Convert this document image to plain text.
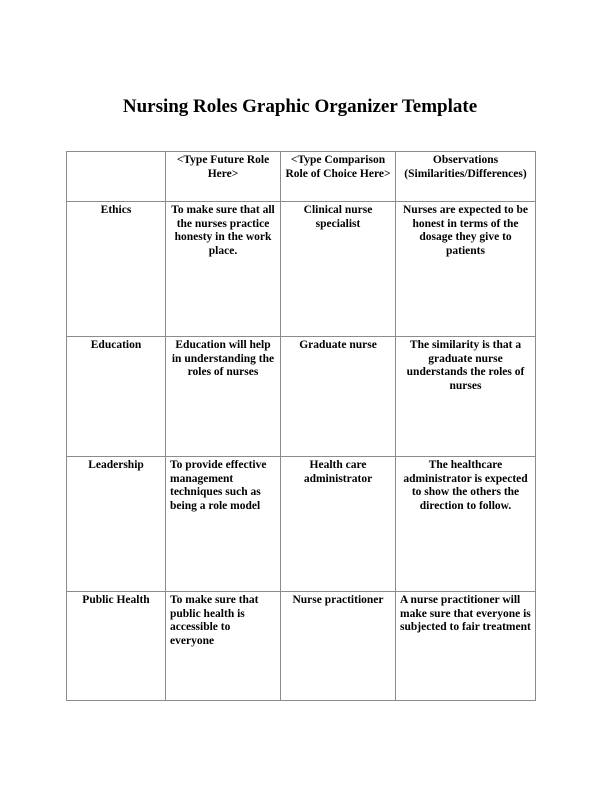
Nursing Roles Graphic Organizer Template
	<Type Future Role Here>	<Type Comparison Role of Choice Here>	Observations (Similarities/Differences)
Ethics	To make sure that all the nurses practice honesty in the work place.	Clinical nurse specialist	Nurses are expected to be honest in terms of the dosage they give to patients
Education	Education will help in understanding the roles of nurses	Graduate nurse	The similarity is that a graduate nurse understands the roles of nurses
Leadership	To provide effective management techniques such as being a role model	Health care administrator	The healthcare administrator is expected to show the others the direction to follow.
Public Health	To make sure that public health is accessible to everyone	Nurse practitioner	A nurse practitioner will make sure that everyone is subjected to fair treatment
